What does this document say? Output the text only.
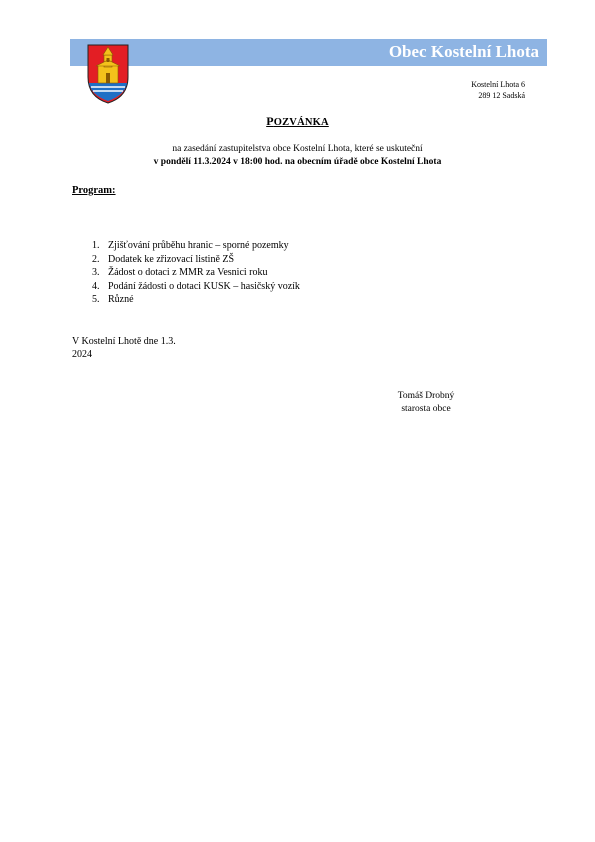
Obec Kostelní Lhota
Kostelní Lhota 6
289 12 Sadská
POZVÁNKA
na zasedání zastupitelstva obce Kostelní Lhota, které se uskuteční
v pondělí 11.3.2024 v 18:00 hod. na obecním úřadě obce Kostelní Lhota
Program:
1. Zjišťování průběhu hranic – sporné pozemky
2. Dodatek ke zřizovací listině ZŠ
3. Žádost o dotaci z MMR za Vesnici roku
4. Podání žádosti o dotaci KUSK – hasičský vozík
5. Různé
V Kostelní Lhotě dne 1.3.
2024
Tomáš Drobný
starosta obce
